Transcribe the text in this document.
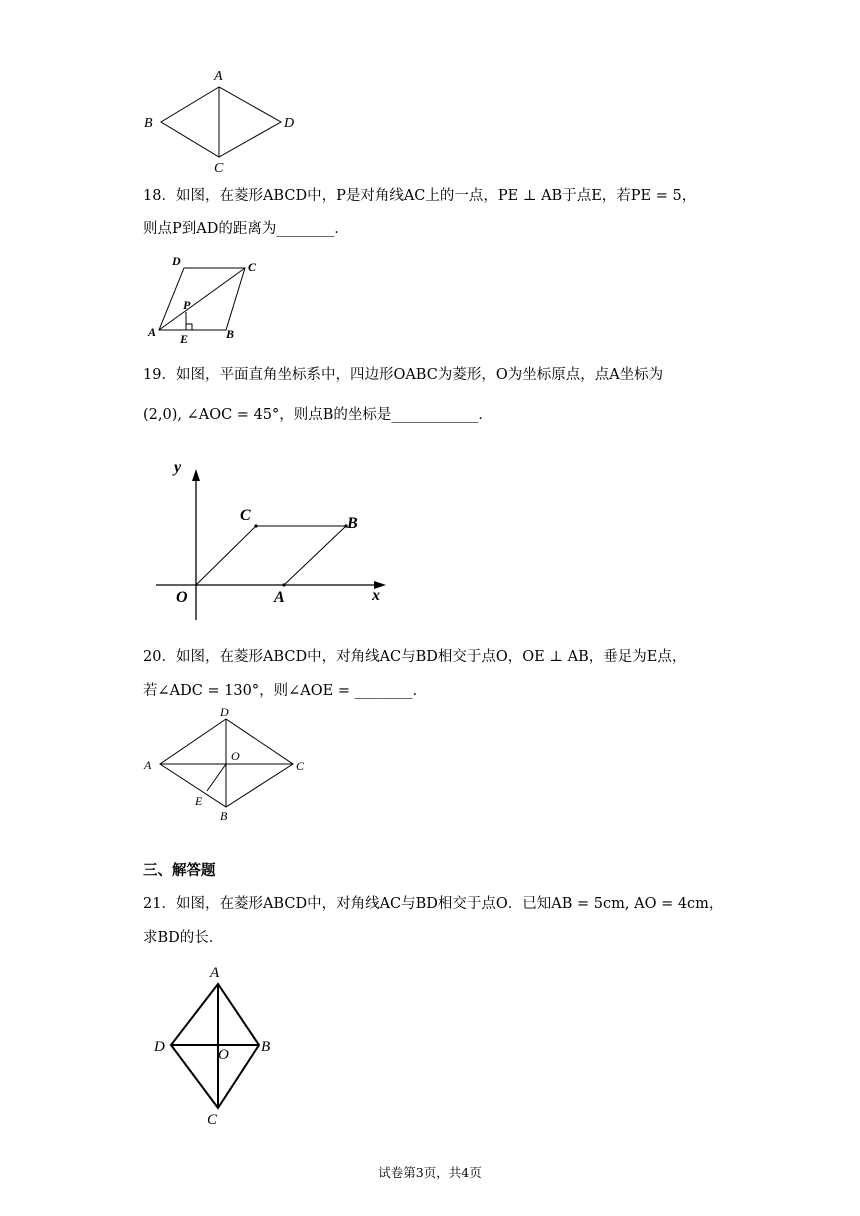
A
B
C
D
18．如图，在菱形ABCD中，P是对角线AC上的一点，PE ⊥ AB于点E，若PE = 5，
则点P到AD的距离为________．
D	C
P
A E	B
19．如图，平面直角坐标系中，四边形OABC为菱形，O为坐标原点，点A坐标为
(2,0), ∠AOC = 45°，则点B的坐标是____________．
y
x
O	A
C	B
20．如图，在菱形ABCD中，对角线AC与BD相交于点O，OE ⊥ AB，垂足为E点，
若∠ADC = 130°，则∠AOE = ________．
D
A
O
C
E
B
三、解答题
21．如图，在菱形ABCD中，对角线AC与BD相交于点O．已知AB = 5cm, AO = 4cm，
求BD的长．
A
D	O B
C
试卷第3页，共4页
